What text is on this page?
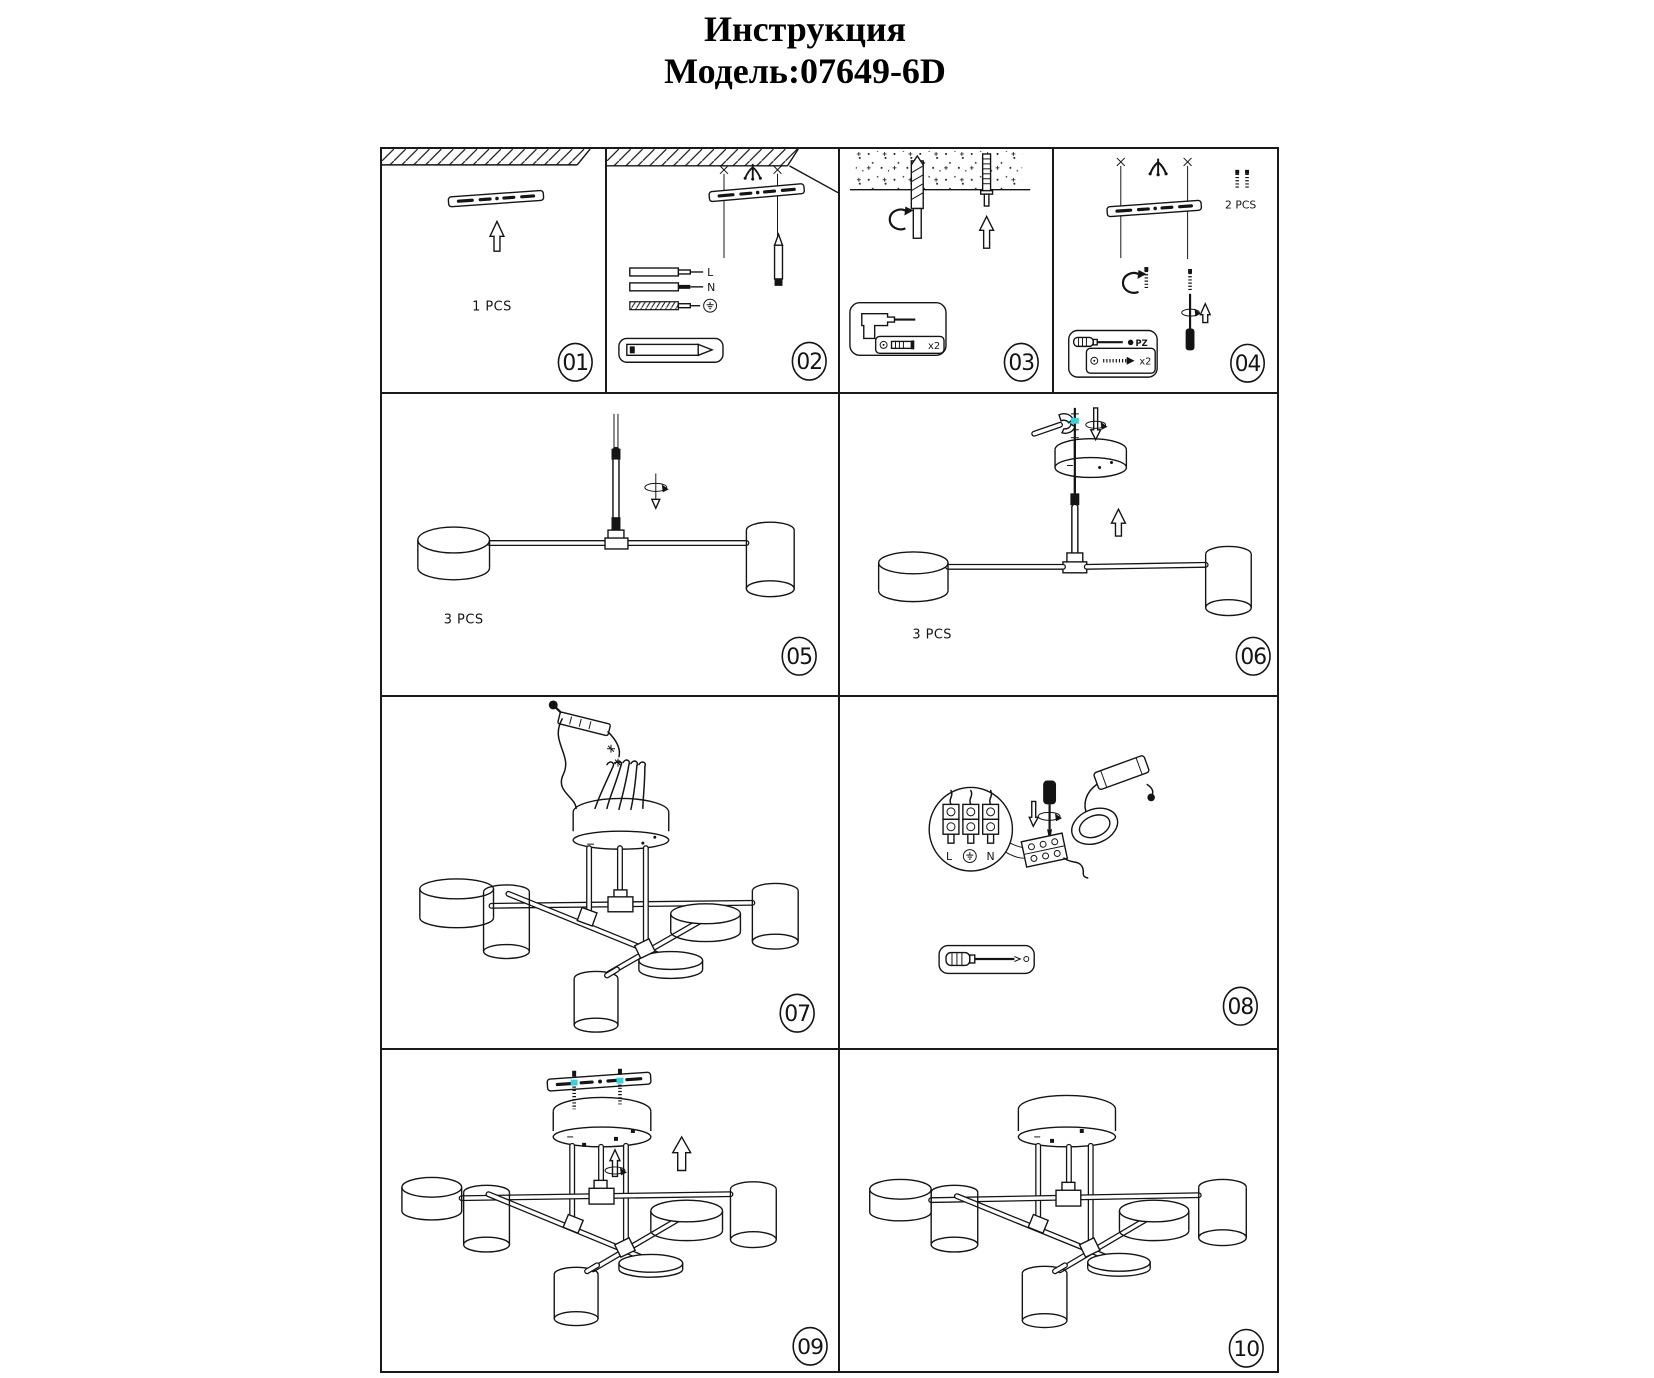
Инструкция
Модель:07649-6D
1 PCS
01
L
N
02
x2
03
2 PCS
PZ
x2	04
3 PCS
05
3 PCS
06
07
L	N
08
09	10
